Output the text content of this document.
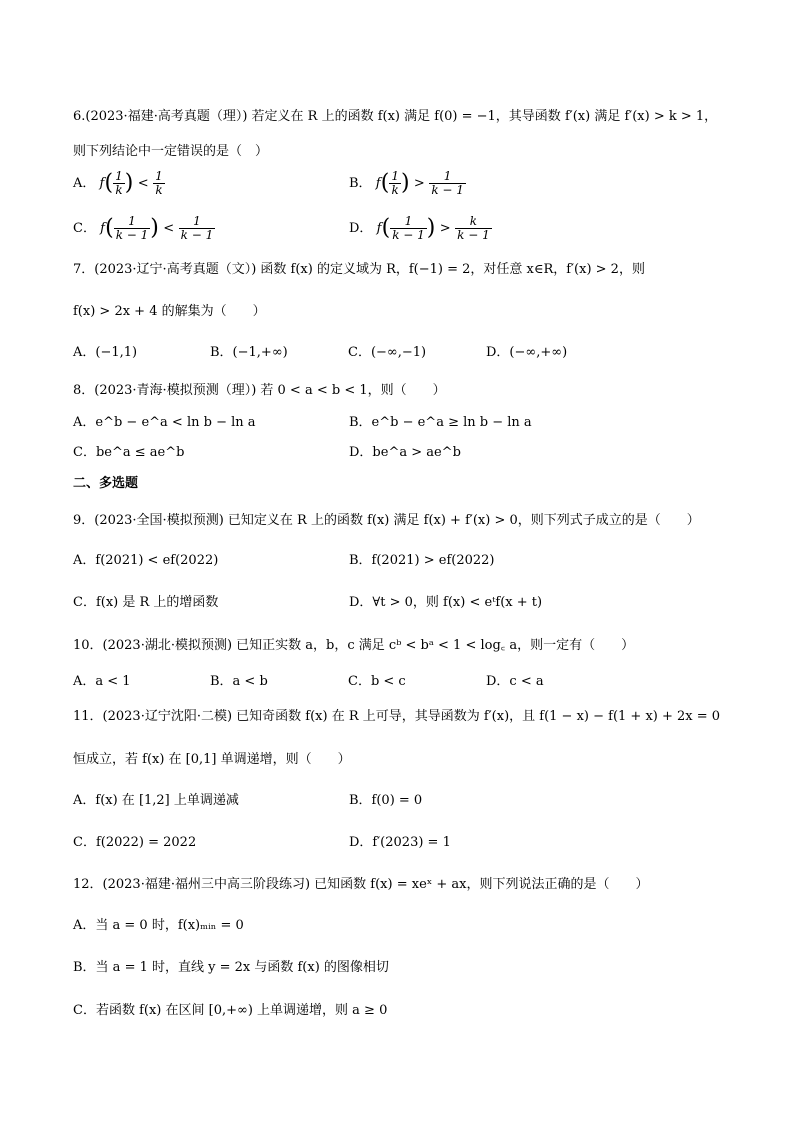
6.(2023·福建·高考真题（理）) 若定义在 R 上的函数 f(x) 满足 f(0) = −1，其导函数 f′(x) 满足 f′(x) > k > 1，
则下列结论中一定错误的是（　）
A． $f( \frac{1}{k}$ ) < $\frac{1}{k}$	B． $f( \frac{1}{k}$ ) > $\frac{1}{k - 1}$
C． $f( \frac{1}{k - 1}$ ) < $\frac{1}{k - 1}$	D． $f( \frac{1}{k - 1}$ ) > $\frac{k}{k - 1}$
7．(2023·辽宁·高考真题（文）) 函数 f(x) 的定义域为 R，f(−1) = 2，对任意 x∈R，f′(x) > 2，则
f(x) > 2x + 4 的解集为（　　）
A．(−1,1)	B．(−1,+∞)	C．(−∞,−1)	D．(−∞,+∞)
8．(2023·青海·模拟预测（理）) 若 0 < a < b < 1，则（　　）
A．e^b − e^a < ln b − ln a	B．e^b − e^a ≥ ln b − ln a
C．be^a ≤ ae^b	D．be^a > ae^b
二、多选题
9．(2023·全国·模拟预测) 已知定义在 R 上的函数 f(x) 满足 f(x) + f′(x) > 0，则下列式子成立的是（　　）
A．f(2021) < ef(2022)	B．f(2021) > ef(2022)
C．f(x) 是 R 上的增函数	D．∀t > 0，则 f(x) < eᵗf(x + t)
10．(2023·湖北·模拟预测) 已知正实数 a，b，c 满足 cᵇ < bᵃ < 1 < log꜀ a，则一定有（　　）
A．a < 1	B．a < b	C．b < c	D．c < a
11．(2023·辽宁沈阳·二模) 已知奇函数 f(x) 在 R 上可导，其导函数为 f′(x)，且 f(1 − x) − f(1 + x) + 2x = 0
恒成立，若 f(x) 在 [0,1] 单调递增，则（　　）
A．f(x) 在 [1,2] 上单调递减	B．f(0) = 0
C．f(2022) = 2022	D．f′(2023) = 1
12．(2023·福建·福州三中高三阶段练习) 已知函数 f(x) = xeˣ + ax，则下列说法正确的是（　　）
A．当 a = 0 时，f(x)ₘᵢₙ = 0
B．当 a = 1 时，直线 y = 2x 与函数 f(x) 的图像相切
C．若函数 f(x) 在区间 [0,+∞) 上单调递增，则 a ≥ 0
